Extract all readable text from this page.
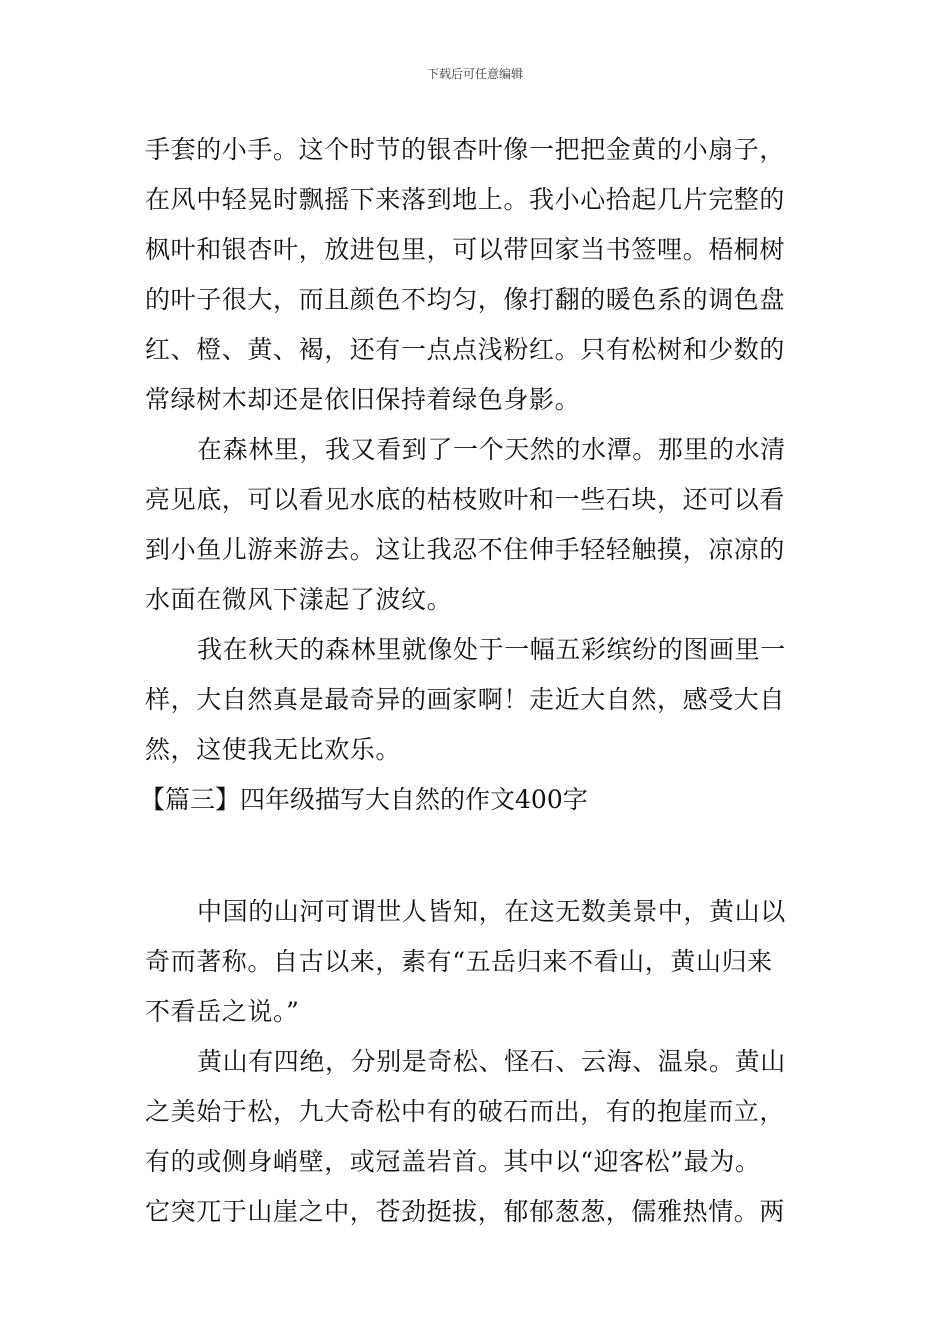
下载后可任意编辑
手套的小手。这个时节的银杏叶像一把把金黄的小扇子，
在风中轻晃时飘摇下来落到地上。我小心拾起几片完整的
枫叶和银杏叶，放进包里，可以带回家当书签哩。梧桐树
的叶子很大，而且颜色不均匀，像打翻的暖色系的调色盘
红、橙、黄、褐，还有一点点浅粉红。只有松树和少数的
常绿树木却还是依旧保持着绿色身影。
在森林里，我又看到了一个天然的水潭。那里的水清
亮见底，可以看见水底的枯枝败叶和一些石块，还可以看
到小鱼儿游来游去。这让我忍不住伸手轻轻触摸，凉凉的
水面在微风下漾起了波纹。
我在秋天的森林里就像处于一幅五彩缤纷的图画里一
样，大自然真是最奇异的画家啊！走近大自然，感受大自
然，这使我无比欢乐。
【篇三】四年级描写大自然的作文400字
中国的山河可谓世人皆知，在这无数美景中，黄山以
奇而著称。自古以来，素有“五岳归来不看山，黄山归来
不看岳之说。”
黄山有四绝，分别是奇松、怪石、云海、温泉。黄山
之美始于松，九大奇松中有的破石而出，有的抱崖而立，
有的或侧身峭壁，或冠盖岩首。其中以“迎客松”最为。
它突兀于山崖之中，苍劲挺拔，郁郁葱葱，儒雅热情。两
